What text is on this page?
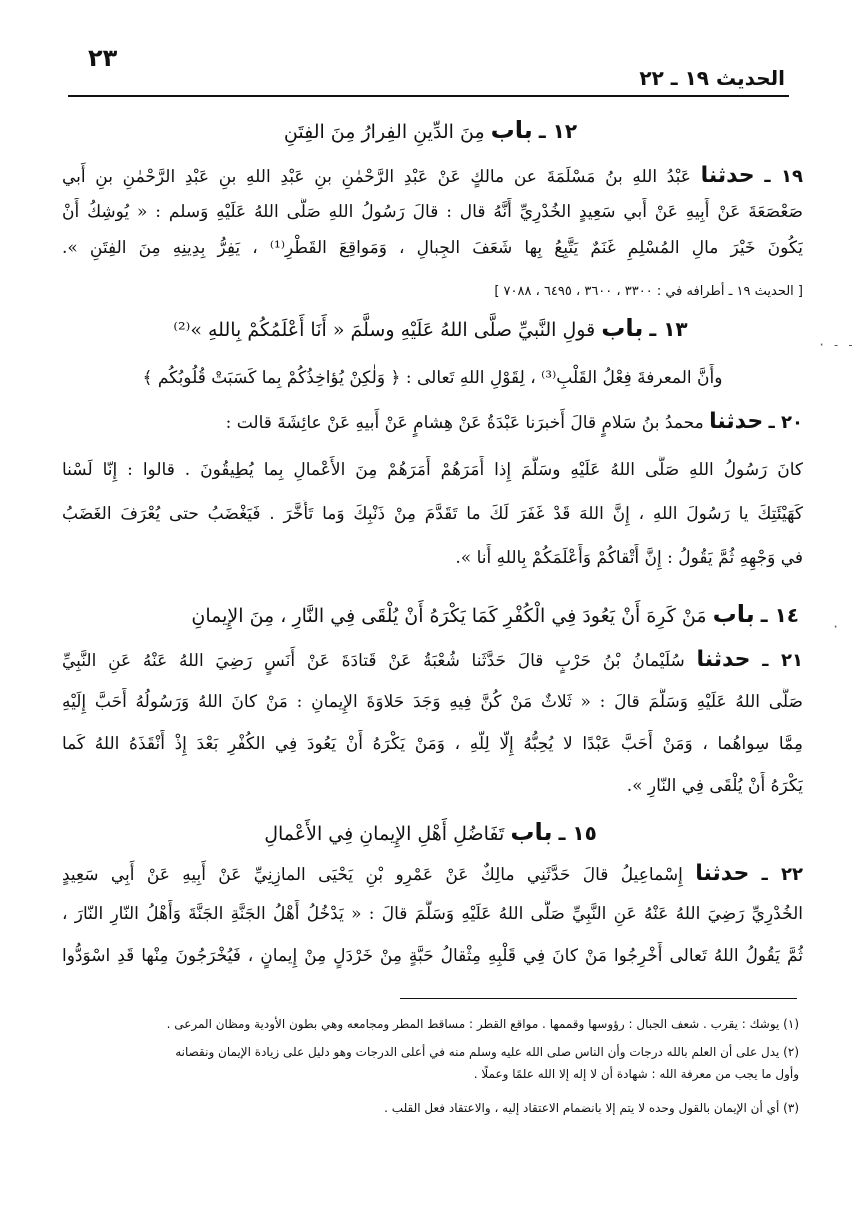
٢٣
الحديث ١٩ ـ ٢٢
١٢ ـ باب مِنَ الدِّينِ الفِرارُ مِنَ الفِتَنِ
١٩ ـ حدثنا عَبْدُ اللهِ بنُ مَسْلَمَةَ عن مالكٍ عَنْ عَبْدِ الرَّحْمٰنِ بنِ عَبْدِ اللهِ بنِ عَبْدِ الرَّحْمٰنِ بنِ أَبي
صَعْصَعَةَ عَنْ أَبِيهِ عَنْ أَبي سَعِيدٍ الخُدْرِيِّ أَنَّهُ قال : قالَ رَسُولُ اللهِ صَلَّى اللهُ عَلَيْهِ وَسلم : « يُوشِكُ أَنْ
يَكُونَ خَيْرَ مالِ المُسْلِمِ غَنَمٌ يَتَّبِعُ بِها شَعَفَ الجِبالِ ، وَمَواقِعَ القَطْرِ⁽¹⁾ ، يَفِرُّ بِدِينِهِ مِنَ الفِتَنِ ».
[ الحديث ١٩ ـ أطرافه في : ٣٣٠٠ ، ٣٦٠٠ ، ٦٤٩٥ ، ٧٠٨٨ ]
١٣ ـ باب قولِ النَّبيِّ صلَّى اللهُ عَلَيْهِ وسلَّمَ « أَنَا أَعْلَمُكُمْ بِاللهِ »⁽²⁾
وأَنَّ المعرفةَ فِعْلُ القَلْبِ⁽³⁾ ، لِقَوْلِ اللهِ تَعالى : ﴿ وَلٰكِنْ يُؤاخِذُكُمْ بِما كَسَبَتْ قُلُوبُكُم ﴾
٢٠ ـ حدثنا محمدُ بنُ سَلامٍ قالَ أَخبرَنا عَبْدَةُ عَنْ هِشامٍ عَنْ أَبيهِ عَنْ عائِشَةَ قالت :
كانَ رَسُولُ اللهِ صَلَّى اللهُ عَلَيْهِ وسَلَّمَ إِذا أَمَرَهُمْ أَمَرَهُمْ مِنَ الأَعْمالِ بِما يُطِيقُونَ . قالوا : إِنّا لَسْنا
كَهَيْئَتِكَ يا رَسُولَ اللهِ ، إِنَّ اللهَ قَدْ غَفَرَ لَكَ ما تَقَدَّمَ مِنْ ذَنْبِكَ وَما تَأَخَّرَ . فَيَغْضَبُ حتى يُعْرَفَ الغَضَبُ
في وَجْهِهِ ثُمَّ يَقُولُ : إِنَّ أَتْقاكُمْ وَأَعْلَمَكُمْ بِاللهِ أَنا ».
١٤ ـ باب مَنْ كَرِهَ أَنْ يَعُودَ فِي الْكُفْرِ كَمَا يَكْرَهُ أَنْ يُلْقَى فِي النَّارِ ، مِنَ الإِيمانِ
٢١ ـ حدثنا سُلَيْمانُ بْنُ حَرْبٍ قالَ حَدَّثَنا شُعْبَةُ عَنْ قَتادَةَ عَنْ أَنَسٍ رَضِيَ اللهُ عَنْهُ عَنِ النَّبِيِّ
صَلَّى اللهُ عَلَيْهِ وَسَلَّمَ قالَ : « ثَلاثٌ مَنْ كُنَّ فِيهِ وَجَدَ حَلاوَةَ الإِيمانِ : مَنْ كانَ اللهُ وَرَسُولُهُ أَحَبَّ إِلَيْهِ
مِمَّا سِواهُما ، وَمَنْ أَحَبَّ عَبْدًا لا يُحِبُّهُ إِلّا لِلّهِ ، وَمَنْ يَكْرَهُ أَنْ يَعُودَ فِي الكُفْرِ بَعْدَ إِذْ أَنْقَذَهُ اللهُ كَما
يَكْرَهُ أَنْ يُلْقَى فِي النّارِ ».
١٥ ـ باب تَفَاضُلِ أَهْلِ الإِيمانِ فِي الأَعْمالِ
٢٢ ـ حدثنا إِسْماعِيلُ قالَ حَدَّثَنِي مالِكٌ عَنْ عَمْرِو بْنِ يَحْيَى المازِنِيِّ عَنْ أَبِيهِ عَنْ أَبِي سَعِيدٍ
الخُدْرِيِّ رَضِيَ اللهُ عَنْهُ عَنِ النَّبِيِّ صَلَّى اللهُ عَلَيْهِ وَسَلَّمَ قالَ : « يَدْخُلُ أَهْلُ الجَنَّةِ الجَنَّةَ وَأَهْلُ النّارِ النّارَ ،
ثُمَّ يَقُولُ اللهُ تَعالى أَخْرِجُوا مَنْ كانَ فِي قَلْبِهِ مِثْقالُ حَبَّةٍ مِنْ خَرْدَلٍ مِنْ إِيمانٍ ، فَيُخْرَجُونَ مِنْها قَدِ اسْوَدُّوا
(١) يوشك : يقرب . شعف الجبال : رؤوسها وقممها . مواقع القطر : مساقط المطر ومجامعه وهي بطون الأودية ومظان المرعى .
(٢) يدل على أن العلم بالله درجات وأن الناس صلى الله عليه وسلم منه في أعلى الدرجات وهو دليل على زيادة الإيمان ونقصانه
وأول ما يجب من معرفة الله : شهادة أن لا إله إلا الله علمًا وعملًا .
(٣) أي أن الإيمان بالقول وحده لا يتم إلا بانضمام الاعتقاد إليه ، والاعتقاد فعل القلب .
· - -
·
